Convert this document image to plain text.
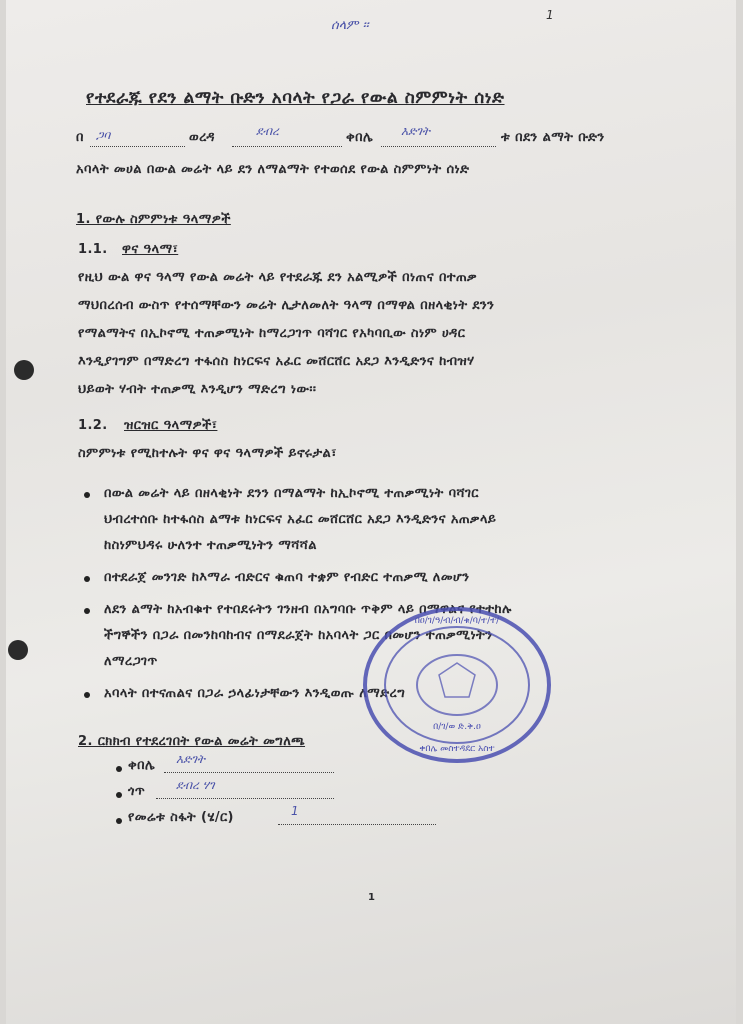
ሰላም ፡፡
1
የተደራጁ የደን ልማት ቡድን አባላት የጋራ የውል ስምምነት ሰነድ
በ ጋባ	ወረዳ	ደብረ	ቀበሌ እድገት	ቱ በደን ልማት ቡድን
አባላት መሀል በውል መሬት ላይ ደን ለማልማት የተወሰደ የውል ስምምነት ሰነድ
1. የውሉ ስምምነቱ ዓላማዎች
1.1. ዋና ዓላማ፣
የዚህ ውል ዋና ዓላማ የውል መሬት ላይ የተደራጁ ደን አልሚዎች በነጠና በተጠቃ
ማህበረሰብ ውስጥ የተሰማቸውን መሬት ሊታለመለት ዓላማ በማዋል በዘላቂነት ደንን
የማልማትና በኢኮኖሚ ተጠቃሚነት ከማረጋገጥ ባሻገር የአካባቢው ስነም ሀዳር
እንዲያገግም በማድረግ ተፋሰስ ከነርፍና አፈር መሸርሸር አደጋ እንዲድንና ከብዝሃ
ህይወት ሃብት ተጠቃሚ እንዲሆን ማድረግ ነው፡፡
1.2. ዝርዝር ዓላማዎች፣
ስምምነቱ የሚከተሉት ዋና ዋና ዓላማዎች ይኖሩታል፣
በውል መሬት ላይ በዘላቂነት ደንን በማልማት ከኢኮኖሚ ተጠቃሚነት ባሻገር
ህብረተሰቡ ከተፋሰስ ልማቱ ከነርፍና አፈር መሸርሸር አደጋ እንዲድንና አጠቃላይ
ከስነምህዳሩ ሁለንተ ተጠቃሚነትን ማሻሻል
በተደራጀ መንገድ ከእማራ ብድርና ቁጠባ ተቋም የብድር ተጠቃሚ ለመሆን
ለደን ልማት ከአብቁተ የተበደሩትን ገንዘብ በአግባቡ ጥቅም ላይ በማዋልና የተተከሉ
ችግኞችን በጋራ በመንከባከብና በማደራጀት ከአባላት ጋር በመሆን ተጠቃሚነትን
ለማረጋገጥ
አባላት በተናጠልና በጋራ ኃላፊነታቸውን እንዲወጡ ለማድረግ
2. ርክክብ የተደረገበት የውል መሬት መግለጫ
ቀበሌ እድገት
ጎጥ	ደብረ ሃገ
የመሬቱ ስፋት (ሄ/ር)	1
1
በዐ/ገ/ዓ/ብ/ብ/ቁ/ባ/ተ/ተ/
ቀበሌ መስተዳደር አስተ
በ/ገ/ወ ድ.ቅ.ዐ
